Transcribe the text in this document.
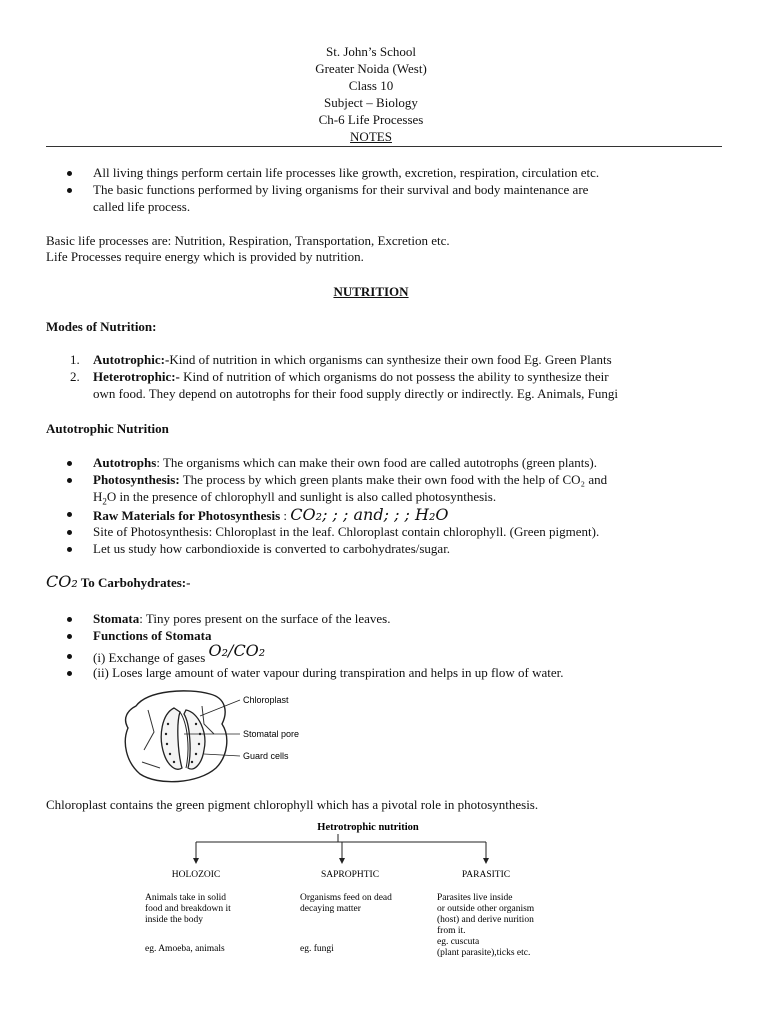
St. John’s School
Greater Noida (West)
Class 10
Subject – Biology
Ch-6 Life Processes
NOTES
All living things perform certain life processes like growth, excretion, respiration, circulation etc.
The basic functions performed by living organisms for their survival and body maintenance are
called life process.
Basic life processes are: Nutrition, Respiration, Transportation, Excretion etc.
Life Processes require energy which is provided by nutrition.
NUTRITION
Modes of Nutrition:
1. Autotrophic:-Kind of nutrition in which organisms can synthesize their own food Eg. Green Plants
2. Heterotrophic:- Kind of nutrition of which organisms do not possess the ability to synthesize their
own food. They depend on autotrophs for their food supply directly or indirectly. Eg. Animals, Fungi
Autotrophic Nutrition
Autotrophs: The organisms which can make their own food are called autotrophs (green plants).
Photosynthesis: The process by which green plants make their own food with the help of CO₂ and
$H_2O$ in the presence of chlorophyll and sunlight is also called photosynthesis.
Raw Materials for Photosynthesis : CO₂; ; ; and; ; ; H₂O
Site of Photosynthesis: Chloroplast in the leaf. Chloroplast contain chlorophyll. (Green pigment).
Let us study how carbondioxide is converted to carbohydrates/sugar.
CO₂ To Carbohydrates:-
Stomata: Tiny pores present on the surface of the leaves.
Functions of Stomata
(i) Exchange of gases O₂/CO₂
(ii) Loses large amount of water vapour during transpiration and helps in up flow of water.
Chloroplast
Stomatal pore
Guard cells
Chloroplast contains the green pigment chlorophyll which has a pivotal role in photosynthesis.
Hetrotrophic nutrition
HOLOZOIC
Animals take in solid
food and breakdown it
inside the body
eg. Amoeba, animals
SAPROPHTIC
Organisms feed on dead
decaying matter
eg. fungi
PARASITIC
Parasites live inside
or outside other organism
(host) and derive nurition
from it.
eg. cuscuta
(plant parasite),ticks etc.
